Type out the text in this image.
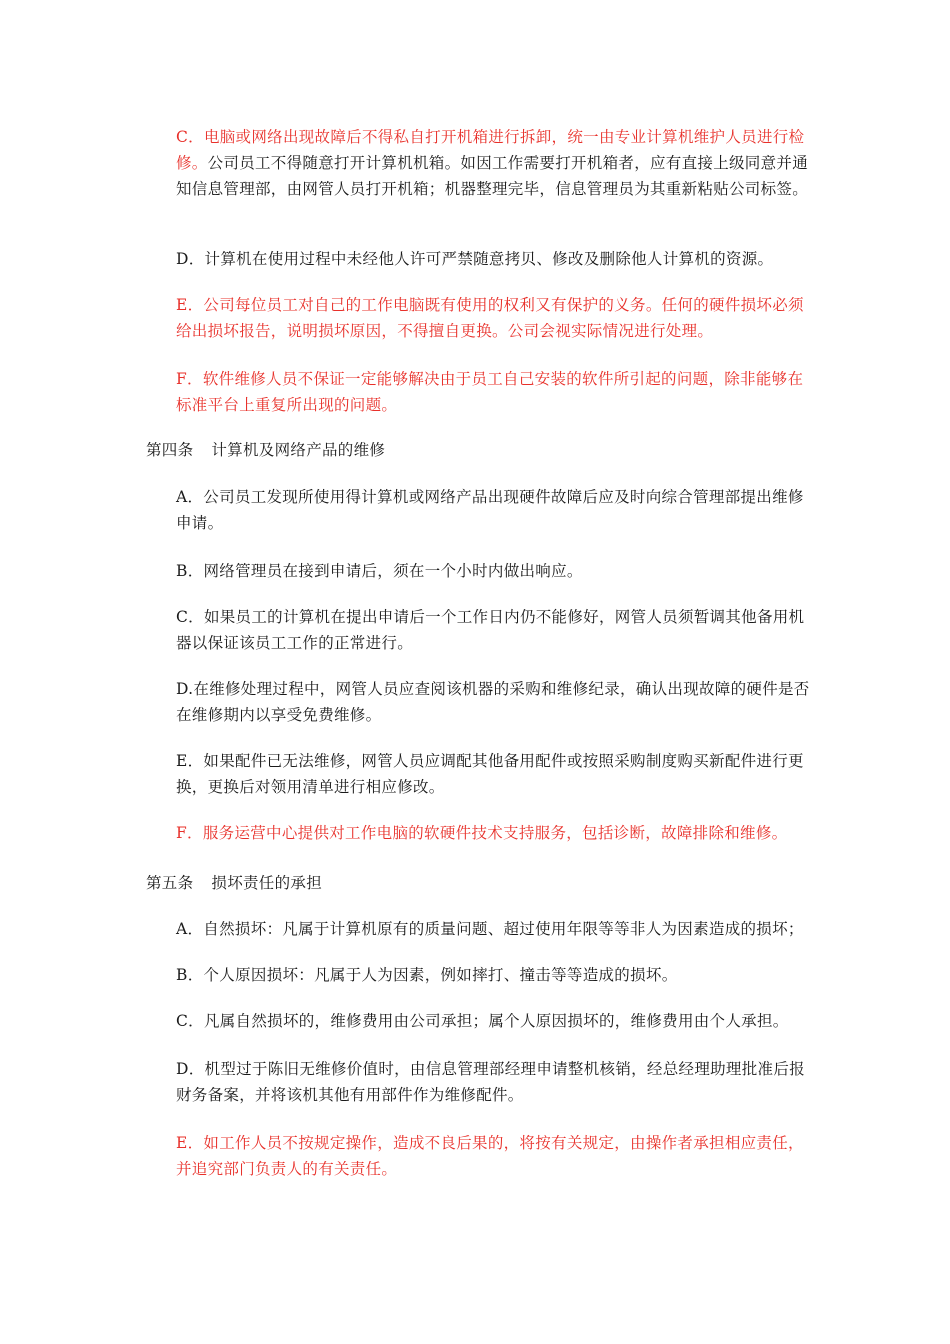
C．电脑或网络出现故障后不得私自打开机箱进行拆卸，统一由专业计算机维护人员进行检修。公司员工不得随意打开计算机机箱。如因工作需要打开机箱者，应有直接上级同意并通知信息管理部，由网管人员打开机箱；机器整理完毕，信息管理员为其重新粘贴公司标签。

D．计算机在使用过程中未经他人许可严禁随意拷贝、修改及删除他人计算机的资源。

E．公司每位员工对自己的工作电脑既有使用的权利又有保护的义务。任何的硬件损坏必须给出损坏报告，说明损坏原因，不得擅自更换。公司会视实际情况进行处理。

F．软件维修人员不保证一定能够解决由于员工自己安装的软件所引起的问题，除非能够在标准平台上重复所出现的问题。

第四条 计算机及网络产品的维修

A．公司员工发现所使用得计算机或网络产品出现硬件故障后应及时向综合管理部提出维修申请。

B．网络管理员在接到申请后，须在一个小时内做出响应。

C．如果员工的计算机在提出申请后一个工作日内仍不能修好，网管人员须暂调其他备用机器以保证该员工工作的正常进行。

D.在维修处理过程中，网管人员应查阅该机器的采购和维修纪录，确认出现故障的硬件是否在维修期内以享受免费维修。

E．如果配件已无法维修，网管人员应调配其他备用配件或按照采购制度购买新配件进行更换，更换后对领用清单进行相应修改。

F．服务运营中心提供对工作电脑的软硬件技术支持服务，包括诊断，故障排除和维修。

第五条 损坏责任的承担

A．自然损坏：凡属于计算机原有的质量问题、超过使用年限等等非人为因素造成的损坏；

B．个人原因损坏：凡属于人为因素，例如摔打、撞击等等造成的损坏。

C．凡属自然损坏的，维修费用由公司承担；属个人原因损坏的，维修费用由个人承担。

D．机型过于陈旧无维修价值时，由信息管理部经理申请整机核销，经总经理助理批准后报财务备案，并将该机其他有用部件作为维修配件。

E．如工作人员不按规定操作，造成不良后果的，将按有关规定，由操作者承担相应责任，并追究部门负责人的有关责任。
